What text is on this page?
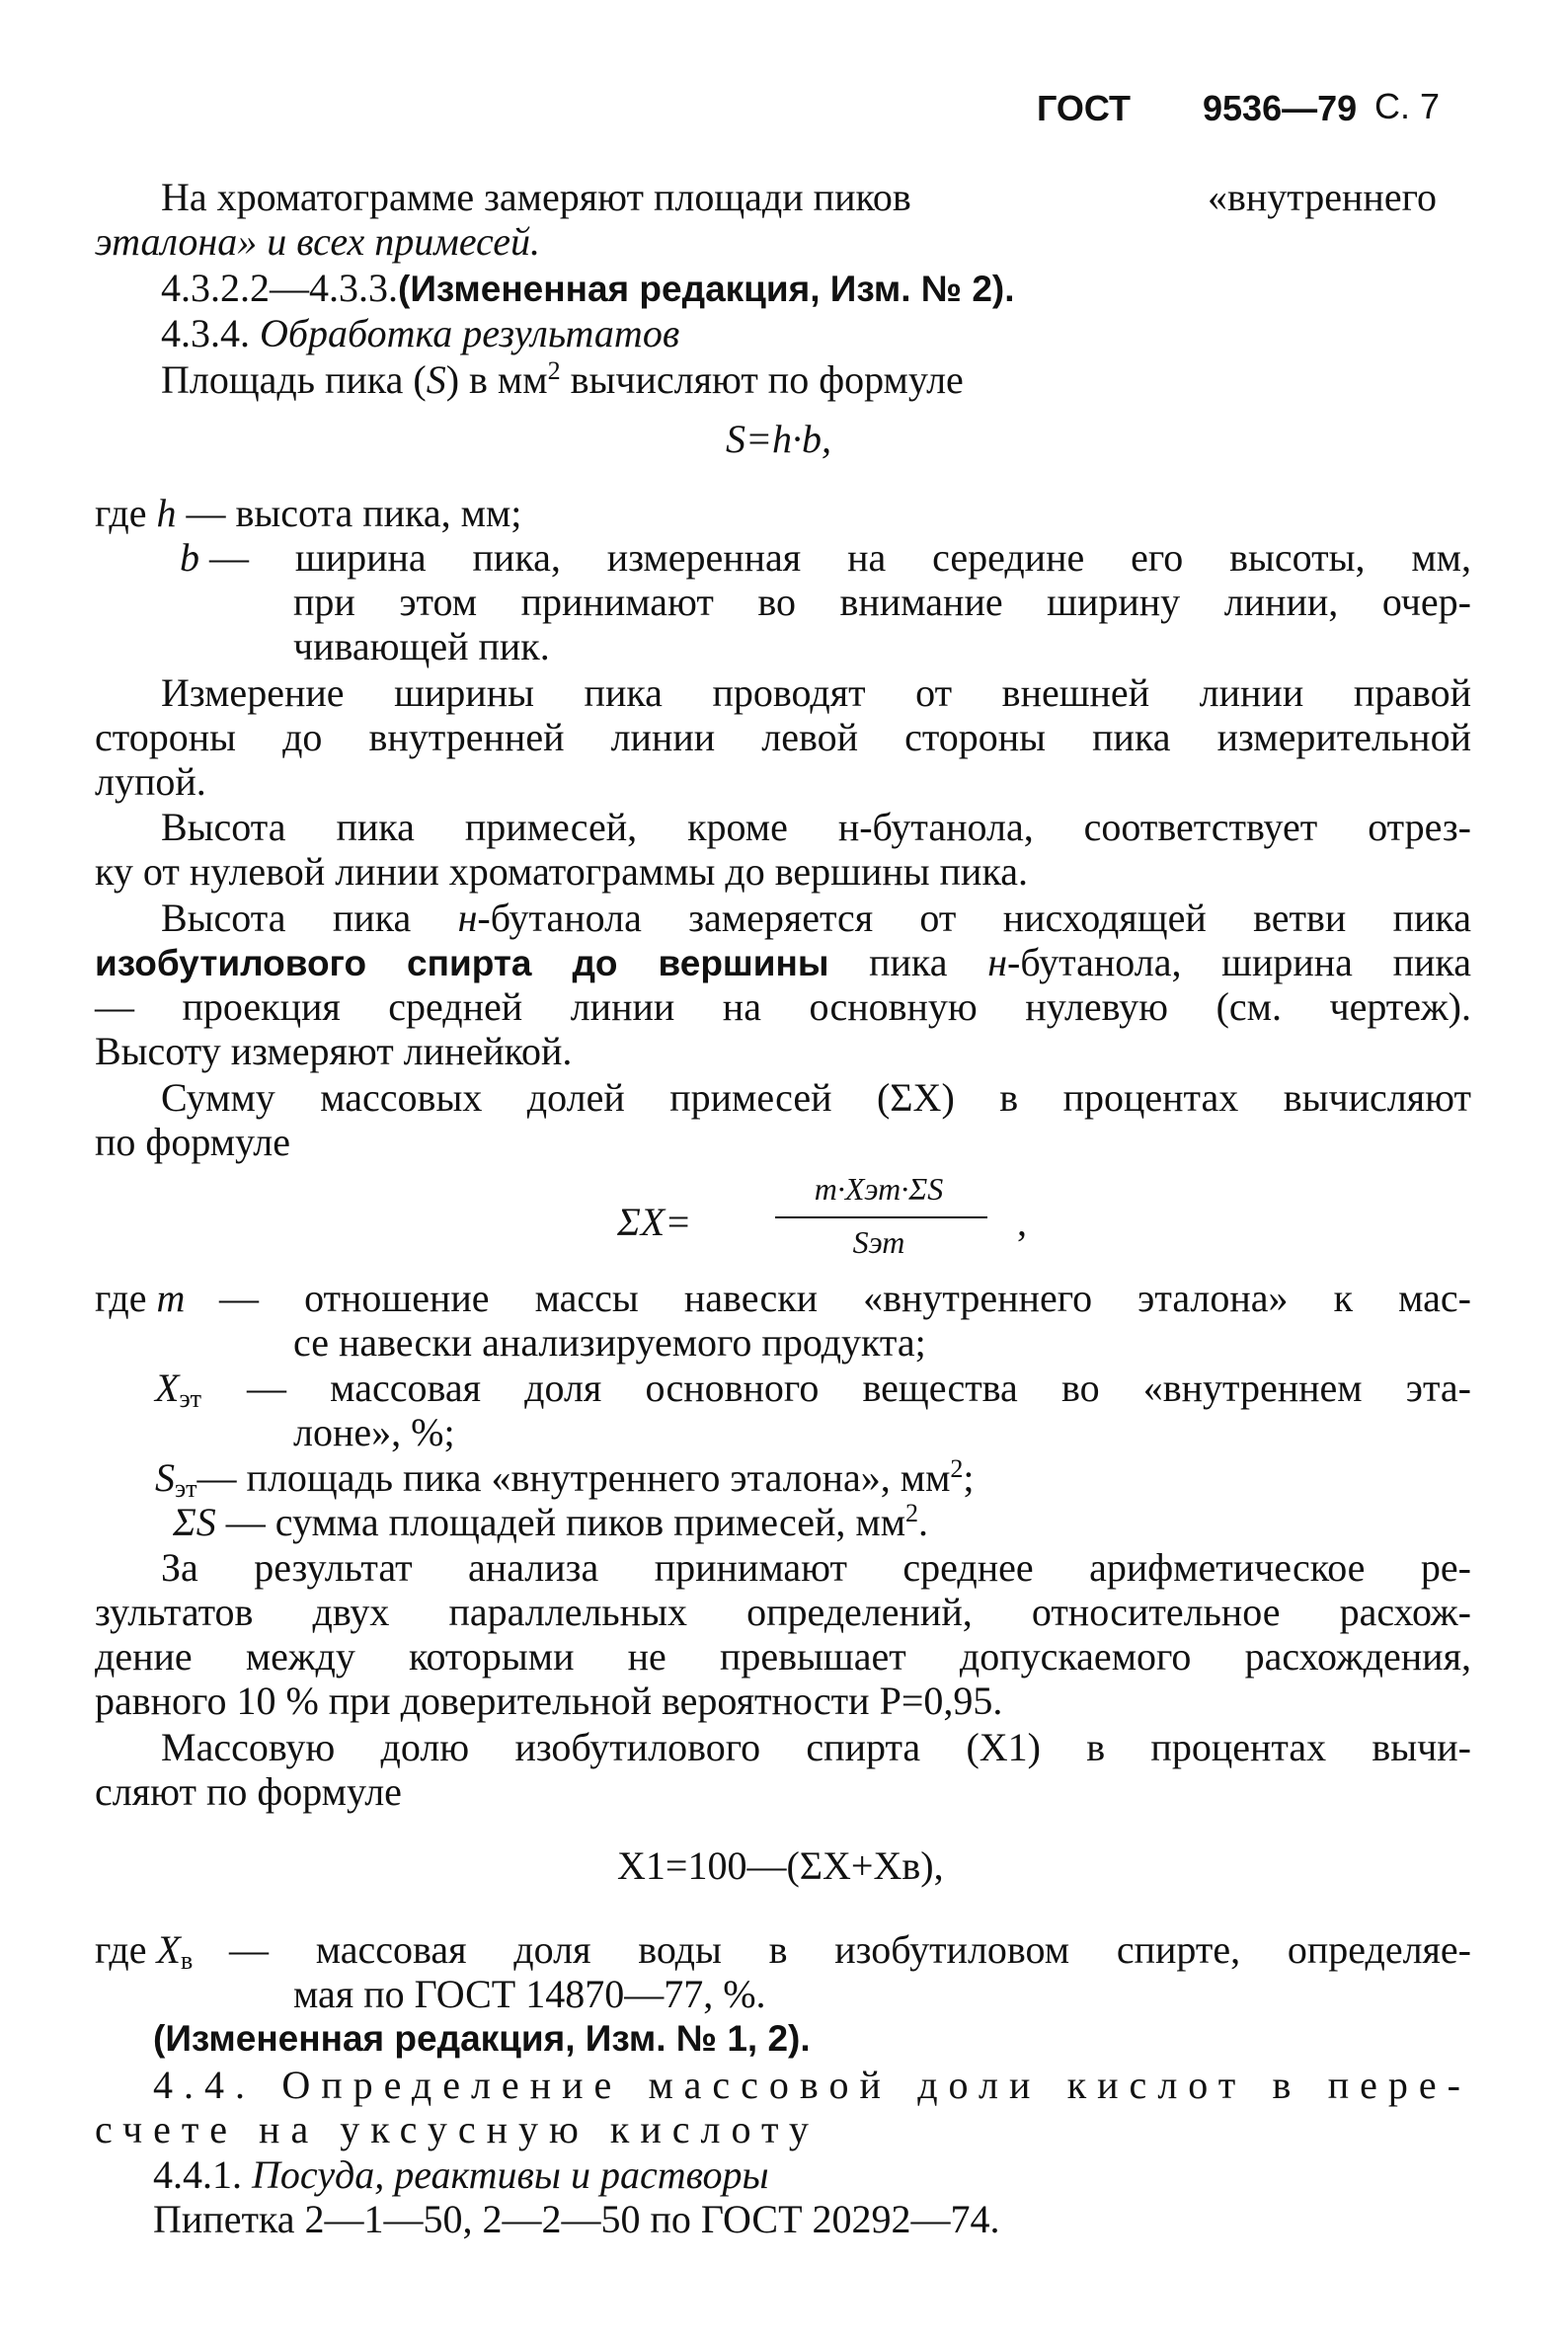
ГОСТ 9536—79 С. 7
На хроматограмме замеряют площади пиков	«внутреннего
эталона» и всех примесей.
4.3.2.2—4.3.3.(Измененная редакция, Изм. № 2).
4.3.4. Обработка результатов
Площадь пика (S) в $мм^2$ вычисляют по формуле
S=h·b,
где h — высота пика, мм;
b — ширина пика, измеренная на середине его высоты, мм,
при этом принимают во внимание ширину линии, очер-
чивающей пик.
Измерение ширины пика проводят от внешней линии правой
стороны до внутренней линии левой стороны пика измерительной
лупой.
Высота пика примесей, кроме н-бутанола, соответствует отрез-
ку от нулевой линии хроматограммы до вершины пика.
Высота пика н-бутанола замеряется от нисходящей ветви пика
изобутилового спирта до вершины пика н-бутанола, ширина пика
— проекция средней линии на основную нулевую (см. чертеж).
Высоту измеряют линейкой.
Сумму массовых долей примесей (ΣX) в процентах вычисляют
по формуле
ΣX=
m·Xэт·ΣS
Sэт	,
где m — отношение массы навески «внутреннего эталона» к мас-
се навески анализируемого продукта;
$X_{эт}$ — массовая доля основного вещества во «внутреннем эта-
лоне», %;
$S_{эт}—$ площадь пика «внутреннего эталона», $мм^2$;
ΣS — сумма площадей пиков примесей, $мм^2$.
За результат анализа принимают среднее арифметическое ре-
зультатов двух параллельных определений, относительное расхож-
дение между которыми не превышает допускаемого расхождения,
равного 10 % при доверительной вероятности P=0,95.
Массовую долю изобутилового спирта (X1) в процентах вычи-
сляют по формуле
X1=100—(ΣX+Xв),
где $X_в$ — массовая доля воды в изобутиловом спирте, определяе-
мая по ГОСТ 14870—77, %.
(Измененная редакция, Изм. № 1, 2).
4.4. Определение массовой доли кислот в пере-
счете на уксусную кислоту
4.4.1. Посуда, реактивы и растворы
Пипетка 2—1—50, 2—2—50 по ГОСТ 20292—74.
